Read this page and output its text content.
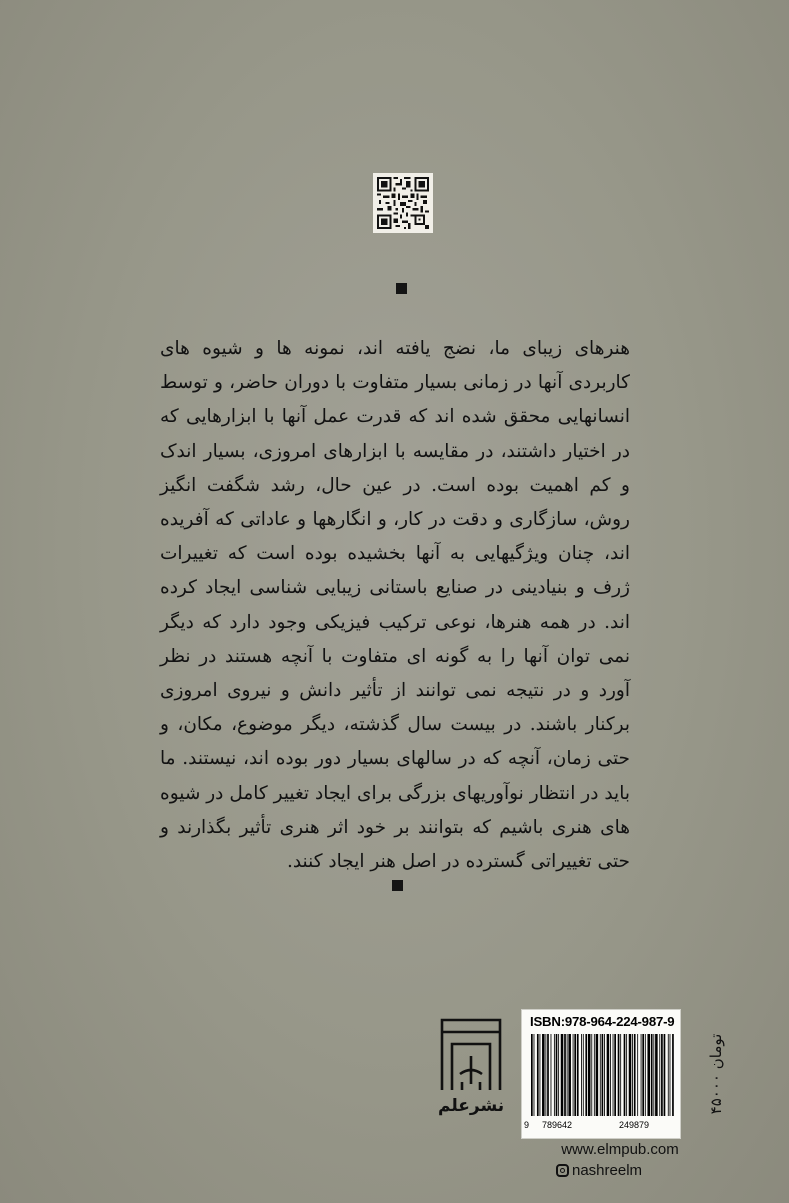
هنرهای زیبای ما، نضج یافته اند، نمونه ها و شیوه های کاربردی آنها در زمانی بسیار متفاوت با دوران حاضر، و توسط انسانهایی محقق شده اند که قدرت عمل آنها با ابزارهایی که در اختیار داشتند، در مقایسه با ابزارهای امروزی، بسیار اندک و کم اهمیت بوده است. در عین حال، رشد شگفت انگیز روش، سازگاری و دقت در کار، و انگارهها و عاداتی که آفریده اند، چنان ویژگیهایی به آنها بخشیده بوده است که تغییرات ژرف و بنیادینی در صنایع باستانی زیبایی شناسی ایجاد کرده اند. در همه هنرها، نوعی ترکیب فیزیکی وجود دارد که دیگر نمی توان آنها را به گونه ای متفاوت با آنچه هستند در نظر آورد و در نتیجه نمی توانند از تأثیر دانش و نیروی امروزی برکنار باشند. در بیست سال گذشته، دیگر موضوع، مکان، و حتی زمان، آنچه که در سالهای بسیار دور بوده اند، نیستند. ما باید در انتظار نوآوریهای بزرگی برای ایجاد تغییر کامل در شیوه های هنری باشیم که بتوانند بر خود اثر هنری تأثیر بگذارند و حتی تغییراتی گسترده در اصل هنر ایجاد کنند.

نشرعلم
ISBN:978-964-224-987-9
9 789642	249879
۴۵۰۰۰ تومان
www.elmpub.com
nashreelm
